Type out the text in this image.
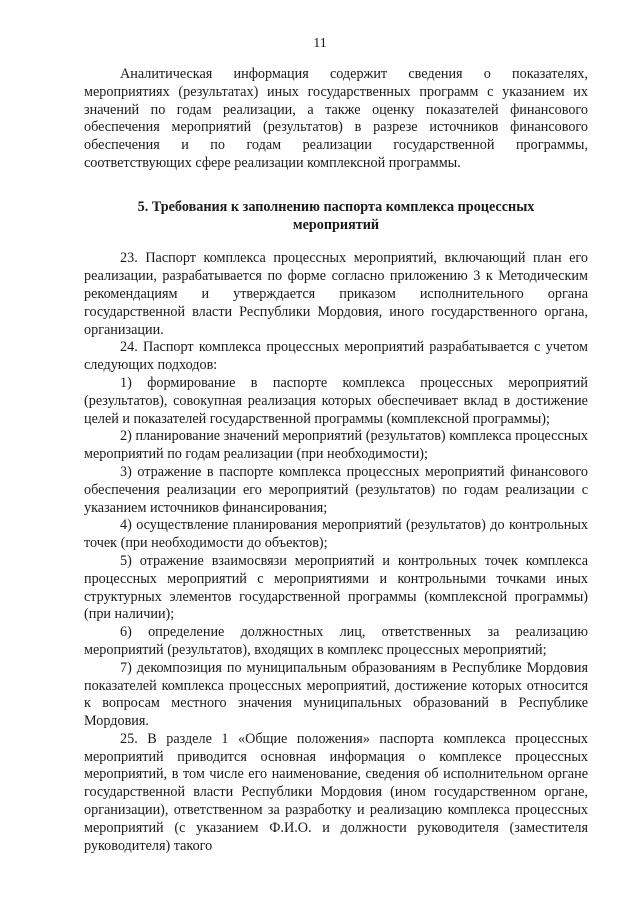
11

Аналитическая информация содержит сведения о показателях, мероприятиях (результатах) иных государственных программ с указанием их значений по годам реализации, а также оценку показателей финансового обеспечения мероприятий (результатов) в разрезе источников финансового обеспечения и по годам реализации государственной программы, соответствующих сфере реализации комплексной программы.

5. Требования к заполнению паспорта комплекса процессных мероприятий

23. Паспорт комплекса процессных мероприятий, включающий план его реализации, разрабатывается по форме согласно приложению 3 к Методическим рекомендациям и утверждается приказом исполнительного органа государственной власти Республики Мордовия, иного государственного органа, организации.

24. Паспорт комплекса процессных мероприятий разрабатывается с учетом следующих подходов:

1) формирование в паспорте комплекса процессных мероприятий (результатов), совокупная реализация которых обеспечивает вклад в достижение целей и показателей государственной программы (комплексной программы);

2) планирование значений мероприятий (результатов) комплекса процессных мероприятий по годам реализации (при необходимости);

3) отражение в паспорте комплекса процессных мероприятий финансового обеспечения реализации его мероприятий (результатов) по годам реализации с указанием источников финансирования;

4) осуществление планирования мероприятий (результатов) до контрольных точек (при необходимости до объектов);

5) отражение взаимосвязи мероприятий и контрольных точек комплекса процессных мероприятий с мероприятиями и контрольными точками иных структурных элементов государственной программы (комплексной программы) (при наличии);

6) определение должностных лиц, ответственных за реализацию мероприятий (результатов), входящих в комплекс процессных мероприятий;

7) декомпозиция по муниципальным образованиям в Республике Мордовия показателей комплекса процессных мероприятий, достижение которых относится к вопросам местного значения муниципальных образований в Республике Мордовия.

25. В разделе 1 «Общие положения» паспорта комплекса процессных мероприятий приводится основная информация о комплексе процессных мероприятий, в том числе его наименование, сведения об исполнительном органе государственной власти Республики Мордовия (ином государственном органе, организации), ответственном за разработку и реализацию комплекса процессных мероприятий (с указанием Ф.И.О. и должности руководителя (заместителя руководителя) такого
